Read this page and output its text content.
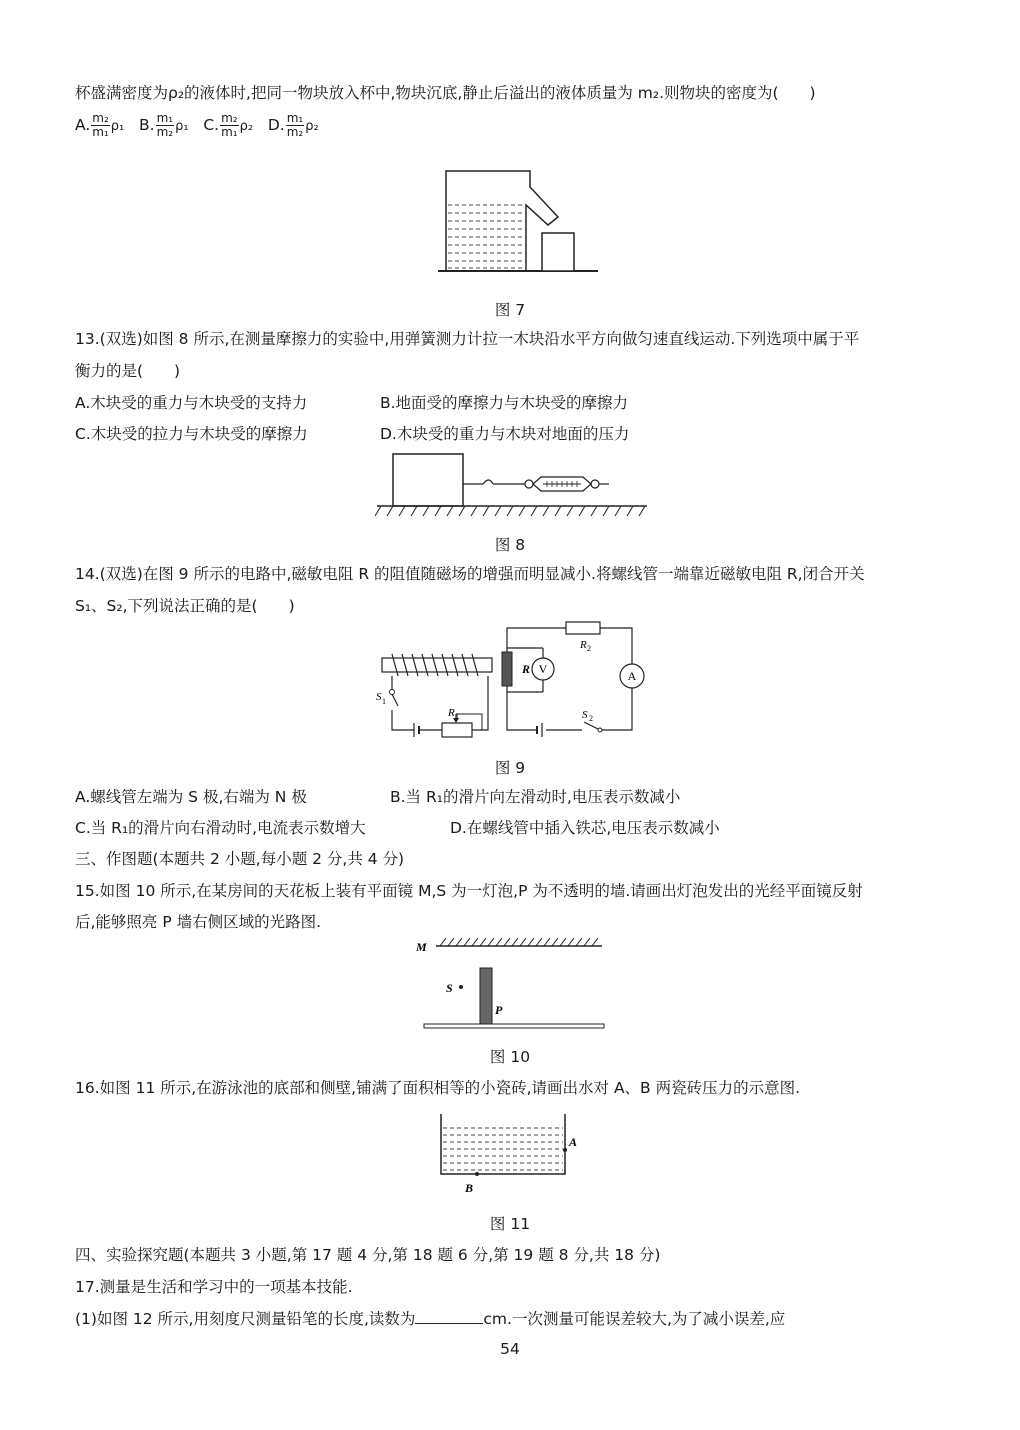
杯盛满密度为ρ₂的液体时,把同一物块放入杯中,物块沉底,静止后溢出的液体质量为 m₂.则物块的密度为(　　)
A. $\frac{\text{m₂}}{\text{m₁}} \rho_1$ B. $\frac{\text{m₁}}{\text{m₂}} \rho_1$ C. $\frac{\text{m₂}}{\text{m₁}} \rho_2$ D. $\frac{\text{m₁}}{\text{m₂}} \rho_2$
图 7
13.(双选)如图 8 所示,在测量摩擦力的实验中,用弹簧测力计拉一木块沿水平方向做匀速直线运动.下列选项中属于平
衡力的是(　　)
A.木块受的重力与木块受的支持力	B.地面受的摩擦力与木块受的摩擦力
C.木块受的拉力与木块受的摩擦力	D.木块受的重力与木块对地面的压力
图 8
14.(双选)在图 9 所示的电路中,磁敏电阻 R 的阻值随磁场的增强而明显减小.将螺线管一端靠近磁敏电阻 R,闭合开关
S₁、S₂,下列说法正确的是(　　)
S 1
R 1
A
R V
R 2
S 2
图 9
A.螺线管左端为 S 极,右端为 N 极	B.当 R₁的滑片向左滑动时,电压表示数减小
C.当 R₁的滑片向右滑动时,电流表示数增大	D.在螺线管中插入铁芯,电压表示数减小
三、作图题(本题共 2 小题,每小题 2 分,共 4 分)
15.如图 10 所示,在某房间的天花板上装有平面镜 M,S 为一灯泡,P 为不透明的墙.请画出灯泡发出的光经平面镜反射
后,能够照亮 P 墙右侧区域的光路图.
M
S
P
图 10
16.如图 11 所示,在游泳池的底部和侧壁,铺满了面积相等的小瓷砖,请画出水对 A、B 两瓷砖压力的示意图.
A
B
图 11
四、实验探究题(本题共 3 小题,第 17 题 4 分,第 18 题 6 分,第 19 题 8 分,共 18 分)
17.测量是生活和学习中的一项基本技能.
(1)如图 12 所示,用刻度尺测量铅笔的长度,读数为	cm.一次测量可能误差较大,为了减小误差,应
54
